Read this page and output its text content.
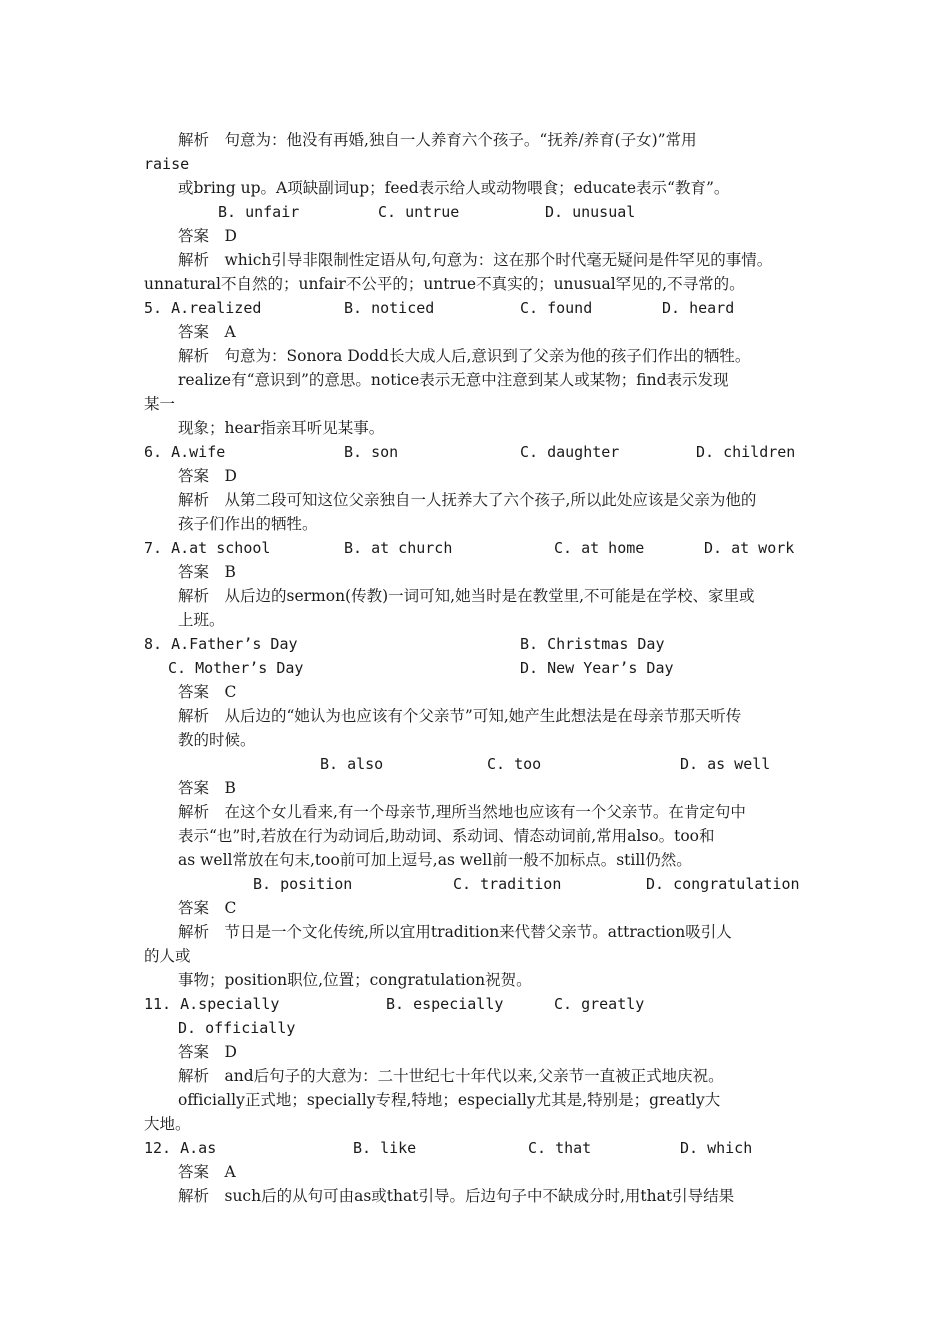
解析　句意为：他没有再婚,独自一人养育六个孩子。“抚养/养育(子女)”常用
raise
或bring up。A项缺副词up；feed表示给人或动物喂食；educate表示“教育”。
B. unfair	C. untrue	D. unusual
答案　D
解析　which引导非限制性定语从句,句意为：这在那个时代毫无疑问是件罕见的事情。
unnatural不自然的；unfair不公平的；untrue不真实的；unusual罕见的,不寻常的。
5. A.realized	B. noticed	C. found	D. heard
答案　A
解析　句意为：Sonora Dodd长大成人后,意识到了父亲为他的孩子们作出的牺牲。
realize有“意识到”的意思。notice表示无意中注意到某人或某物；find表示发现
某一
现象；hear指亲耳听见某事。
6. A.wife	B. son	C. daughter	D. children
答案　D
解析　从第二段可知这位父亲独自一人抚养大了六个孩子,所以此处应该是父亲为他的
孩子们作出的牺牲。
7. A.at school	B. at church	C. at home	D. at work
答案　B
解析　从后边的sermon(传教)一词可知,她当时是在教堂里,不可能是在学校、家里或
上班。
8. A.Father’s Day	B. Christmas Day
C. Mother’s Day	D. New Year’s Day
答案　C
解析　从后边的“她认为也应该有个父亲节”可知,她产生此想法是在母亲节那天听传
教的时候。
B. also	C. too	D. as well
答案　B
解析　在这个女儿看来,有一个母亲节,理所当然地也应该有一个父亲节。在肯定句中
表示“也”时,若放在行为动词后,助动词、系动词、情态动词前,常用also。too和
as well常放在句末,too前可加上逗号,as well前一般不加标点。still仍然。
B. position	C. tradition	D. congratulation
答案　C
解析　节日是一个文化传统,所以宜用tradition来代替父亲节。attraction吸引人
的人或
事物；position职位,位置；congratulation祝贺。
11. A.specially	B. especially	C. greatly
D. officially
答案　D
解析　and后句子的大意为：二十世纪七十年代以来,父亲节一直被正式地庆祝。
officially正式地；specially专程,特地；especially尤其是,特别是；greatly大
大地。
12. A.as	B. like	C. that	D. which
答案　A
解析　such后的从句可由as或that引导。后边句子中不缺成分时,用that引导结果
